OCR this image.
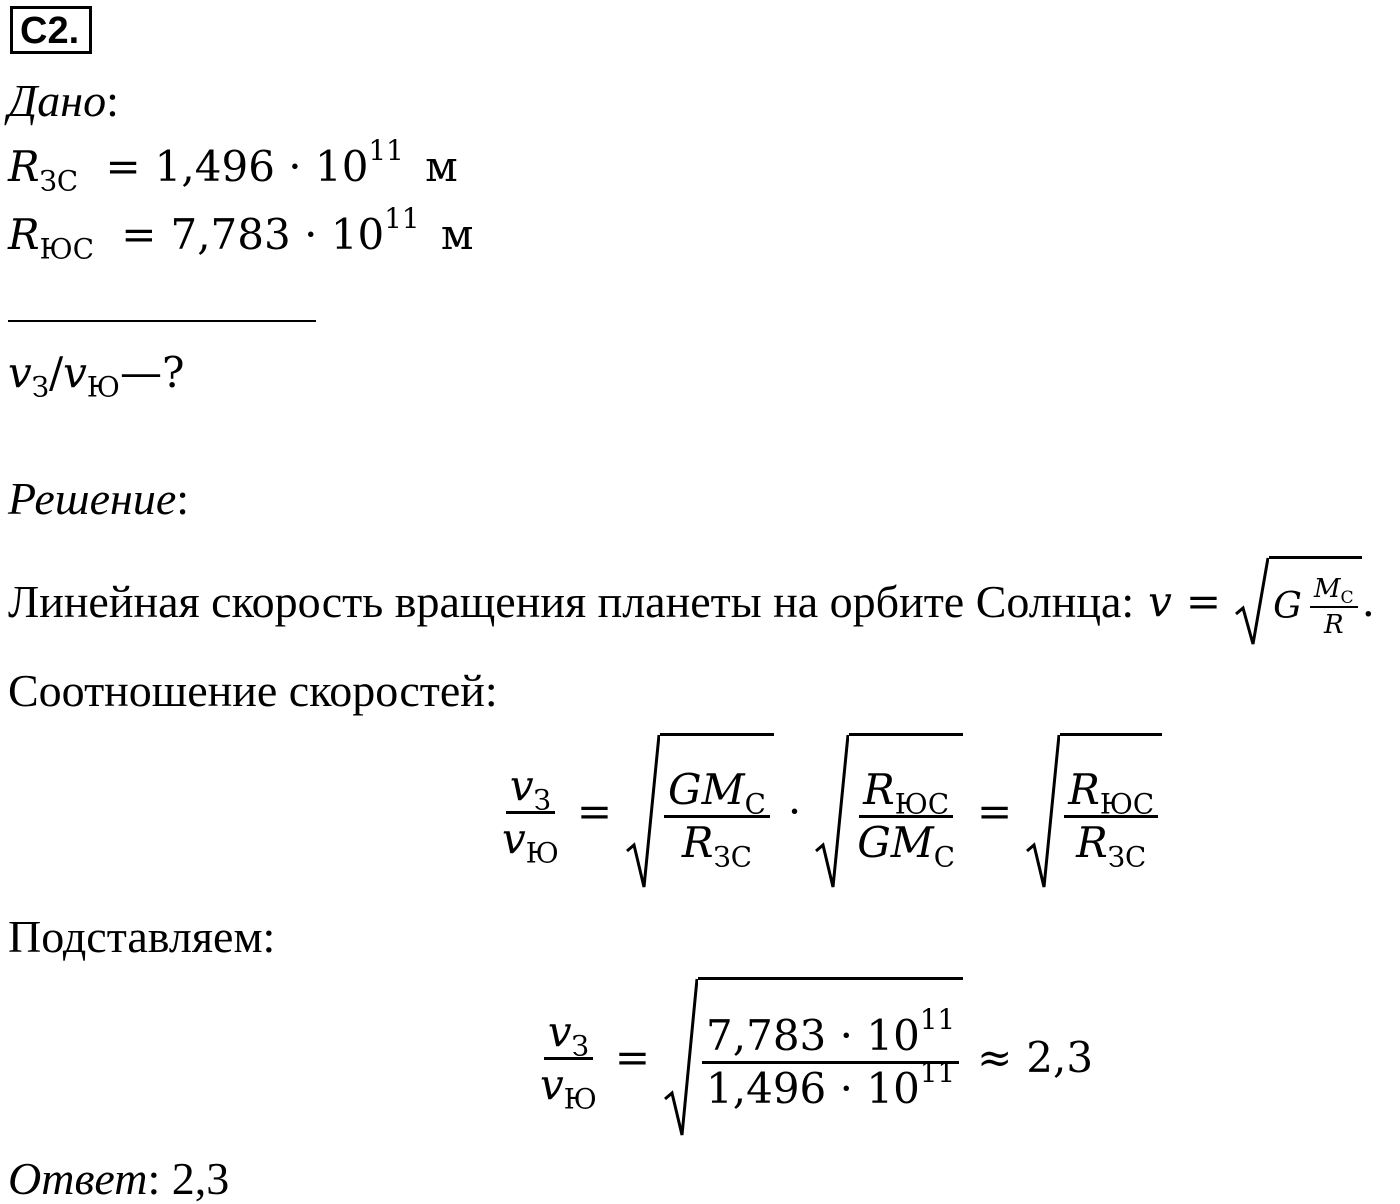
C2.
Дано:
$R_{ЗС} = 1,496 \cdot 10^{11}$ м
$R_{ЮС} = 7,783 \cdot 10^{11}$ м
$v_З/v_Ю—$?
Решение:
Линейная скорость вращения планеты на орбите Солнца: v =	G $\frac{M_С}{R}$ .
Соотношение скоростей:
$\frac{v_З}{v_Ю}$ =	$\frac{GM_С}{R_{ЗС}}$ ·	$\frac{R_{ЮС}}{GM_С}$ =	$\frac{R_{ЮС}}{R_{ЗС}}$
Подставляем:
$\frac{v_З}{v_Ю}$ =	$\frac{7,783 \cdot 10^{11}}{1,496 \cdot 10^{11}} \approx 2,3$
Ответ: 2,3
